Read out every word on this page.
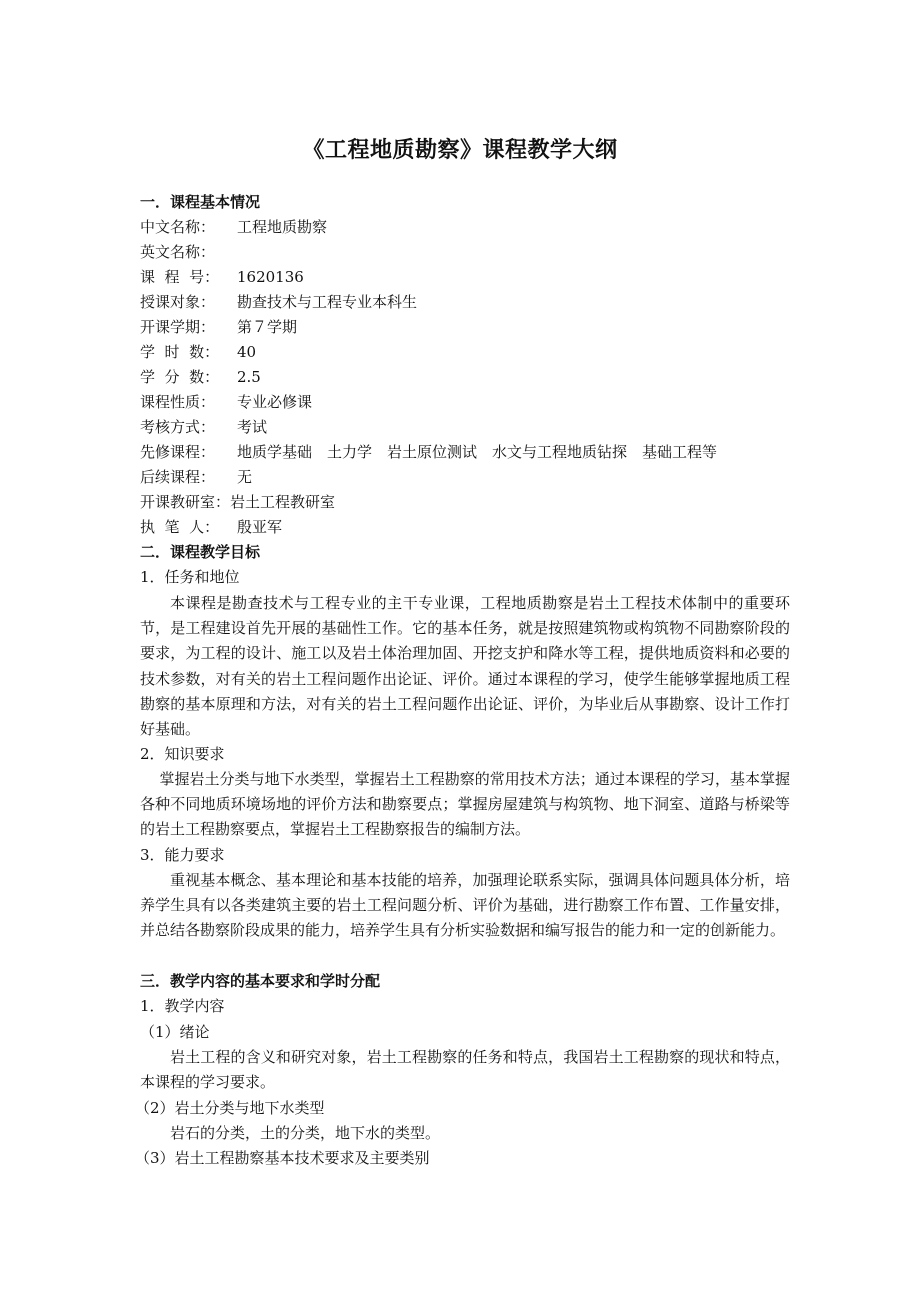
《工程地质勘察》课程教学大纲
一．课程基本情况
中文名称： 工程地质勘察
英文名称：
课  程  号： 1620136
授课对象： 勘查技术与工程专业本科生
开课学期： 第７学期
学  时  数： 40
学  分  数： 2.5
课程性质： 专业必修课
考核方式： 考试
先修课程： 地质学基础　土力学　岩土原位测试　水文与工程地质钻探　基础工程等
后续课程： 无
开课教研室：岩土工程教研室
执  笔  人： 殷亚军
二．课程教学目标
1．任务和地位
本课程是勘查技术与工程专业的主干专业课，工程地质勘察是岩土工程技术体制中的重要环节，是工程建设首先开展的基础性工作。它的基本任务，就是按照建筑物或构筑物不同勘察阶段的要求，为工程的设计、施工以及岩土体治理加固、开挖支护和降水等工程，提供地质资料和必要的技术参数，对有关的岩土工程问题作出论证、评价。通过本课程的学习，使学生能够掌握地质工程勘察的基本原理和方法，对有关的岩土工程问题作出论证、评价，为毕业后从事勘察、设计工作打好基础。
2．知识要求
掌握岩土分类与地下水类型，掌握岩土工程勘察的常用技术方法；通过本课程的学习，基本掌握各种不同地质环境场地的评价方法和勘察要点；掌握房屋建筑与构筑物、地下洞室、道路与桥梁等的岩土工程勘察要点，掌握岩土工程勘察报告的编制方法。
3．能力要求
重视基本概念、基本理论和基本技能的培养，加强理论联系实际，强调具体问题具体分析，培养学生具有以各类建筑主要的岩土工程问题分析、评价为基础，进行勘察工作布置、工作量安排，并总结各勘察阶段成果的能力，培养学生具有分析实验数据和编写报告的能力和一定的创新能力。
三．教学内容的基本要求和学时分配
1．教学内容
（1）绪论
岩土工程的含义和研究对象，岩土工程勘察的任务和特点，我国岩土工程勘察的现状和特点，本课程的学习要求。
（2）岩土分类与地下水类型
岩石的分类，土的分类，地下水的类型。
（3）岩土工程勘察基本技术要求及主要类别
